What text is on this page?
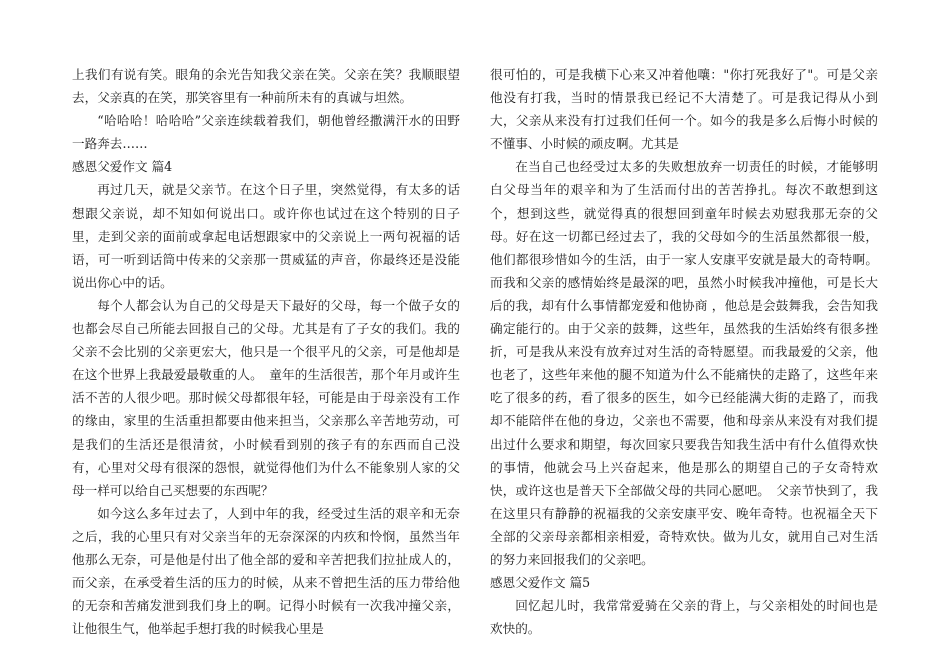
上我们有说有笑。眼角的余光告知我父亲在笑。父亲在笑？我顺眼望去，父亲真的在笑，那笑容里有一种前所未有的真诚与坦然。

“哈哈哈！哈哈哈”父亲连续载着我们，朝他曾经撒满汗水的田野一路奔去……

感恩父爱作文 篇4

再过几天，就是父亲节。在这个日子里，突然觉得，有太多的话想跟父亲说，却不知如何说出口。或许你也试过在这个特别的日子里，走到父亲的面前或拿起电话想跟家中的父亲说上一两句祝福的话语，可一听到话筒中传来的父亲那一贯威猛的声音，你最终还是没能说出你心中的话。

每个人都会认为自己的父母是天下最好的父母，每一个做子女的也都会尽自己所能去回报自己的父母。尤其是有了子女的我们。我的父亲不会比别的父亲更宏大，他只是一个很平凡的父亲，可是他却是在这个世界上我最爱最敬重的人。　童年的生活很苦，那个年月或许生活不苦的人很少吧。那时候父母都很年轻，可能是由于母亲没有工作的缘由，家里的生活重担都要由他来担当，父亲那么辛苦地劳动，可是我们的生活还是很清贫，小时候看到别的孩子有的东西而自己没有，心里对父母有很深的怨恨，就觉得他们为什么不能象别人家的父母一样可以给自己买想要的东西呢？

如今这么多年过去了，人到中年的我，经受过生活的艰辛和无奈之后，我的心里只有对父亲当年的无奈深深的内疚和怜悯，虽然当年他那么无奈，可是他是付出了他全部的爱和辛苦把我们拉扯成人的，而父亲，在承受着生活的压力的时候，从来不曾把生活的压力带给他的无奈和苦痛发泄到我们身上的啊。记得小时候有一次我冲撞父亲，让他很生气，他举起手想打我的时候我心里是

很可怕的，可是我横下心来又冲着他嚷："你打死我好了"。可是父亲他没有打我，当时的情景我已经记不大清楚了。可是我记得从小到大，父亲从来没有打过我们任何一个。如今的我是多么后悔小时候的不懂事、小时候的顽皮啊。尤其是

在当自己也经受过太多的失败想放弃一切责任的时候，才能够明白父母当年的艰辛和为了生活而付出的苦苦挣扎。每次不敢想到这个，想到这些，就觉得真的很想回到童年时候去劝慰我那无奈的父母。好在这一切都已经过去了，我的父母如今的生活虽然都很一般，他们都很珍惜如今的生活，由于一家人安康平安就是最大的奇特啊。而我和父亲的感情始终是最深的吧，虽然小时候我冲撞他，可是长大后的我，却有什么事情都宠爱和他协商 ，他总是会鼓舞我，会告知我确定能行的。由于父亲的鼓舞，这些年，虽然我的生活始终有很多挫折，可是我从来没有放弃过对生活的奇特愿望。而我最爱的父亲，他也老了，这些年来他的腿不知道为什么不能痛快的走路了，这些年来吃了很多的药，看了很多的医生，如今已经能满大街的走路了，而我却不能陪伴在他的身边，父亲也不需要，他和母亲从来没有对我们提出过什么要求和期望，每次回家只要我告知我生活中有什么值得欢快的事情，他就会马上兴奋起来，他是那么的期望自己的子女奇特欢快，或许这也是普天下全部做父母的共同心愿吧。　父亲节快到了，我在这里只有静静的祝福我的父亲安康平安、晚年奇特。也祝福全天下全部的父亲母亲都相亲相爱，奇特欢快。做为儿女，就用自己对生活的努力来回报我们的父亲吧。

感恩父爱作文 篇5

回忆起儿时，我常常爱骑在父亲的背上，与父亲相处的时间也是欢快的。
